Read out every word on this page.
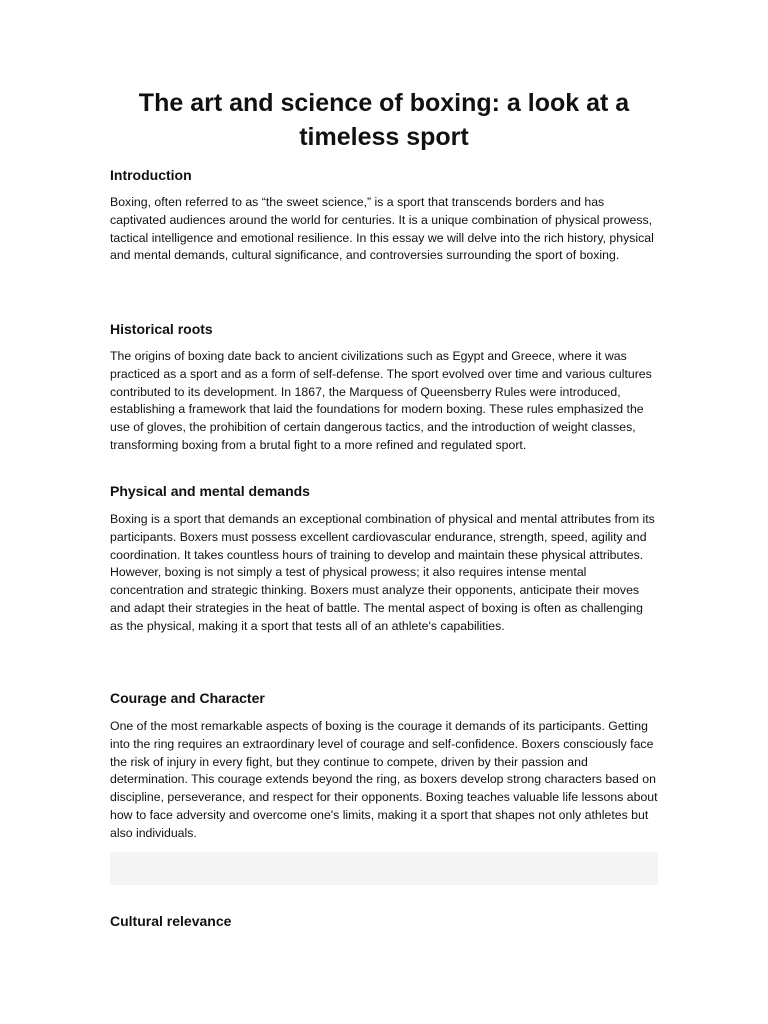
The art and science of boxing: a look at a timeless sport
Introduction

Boxing, often referred to as “the sweet science,” is a sport that transcends borders and has captivated audiences around the world for centuries. It is a unique combination of physical prowess, tactical intelligence and emotional resilience. In this essay we will delve into the rich history, physical and mental demands, cultural significance, and controversies surrounding the sport of boxing.

Historical roots

The origins of boxing date back to ancient civilizations such as Egypt and Greece, where it was practiced as a sport and as a form of self-defense. The sport evolved over time and various cultures contributed to its development. In 1867, the Marquess of Queensberry Rules were introduced, establishing a framework that laid the foundations for modern boxing. These rules emphasized the use of gloves, the prohibition of certain dangerous tactics, and the introduction of weight classes, transforming boxing from a brutal fight to a more refined and regulated sport.

Physical and mental demands

Boxing is a sport that demands an exceptional combination of physical and mental attributes from its participants. Boxers must possess excellent cardiovascular endurance, strength, speed, agility and coordination. It takes countless hours of training to develop and maintain these physical attributes. However, boxing is not simply a test of physical prowess; it also requires intense mental concentration and strategic thinking. Boxers must analyze their opponents, anticipate their moves and adapt their strategies in the heat of battle. The mental aspect of boxing is often as challenging as the physical, making it a sport that tests all of an athlete's capabilities.

Courage and Character

One of the most remarkable aspects of boxing is the courage it demands of its participants. Getting into the ring requires an extraordinary level of courage and self-confidence. Boxers consciously face the risk of injury in every fight, but they continue to compete, driven by their passion and determination. This courage extends beyond the ring, as boxers develop strong characters based on discipline, perseverance, and respect for their opponents. Boxing teaches valuable life lessons about how to face adversity and overcome one's limits, making it a sport that shapes not only athletes but also individuals.

Cultural relevance
